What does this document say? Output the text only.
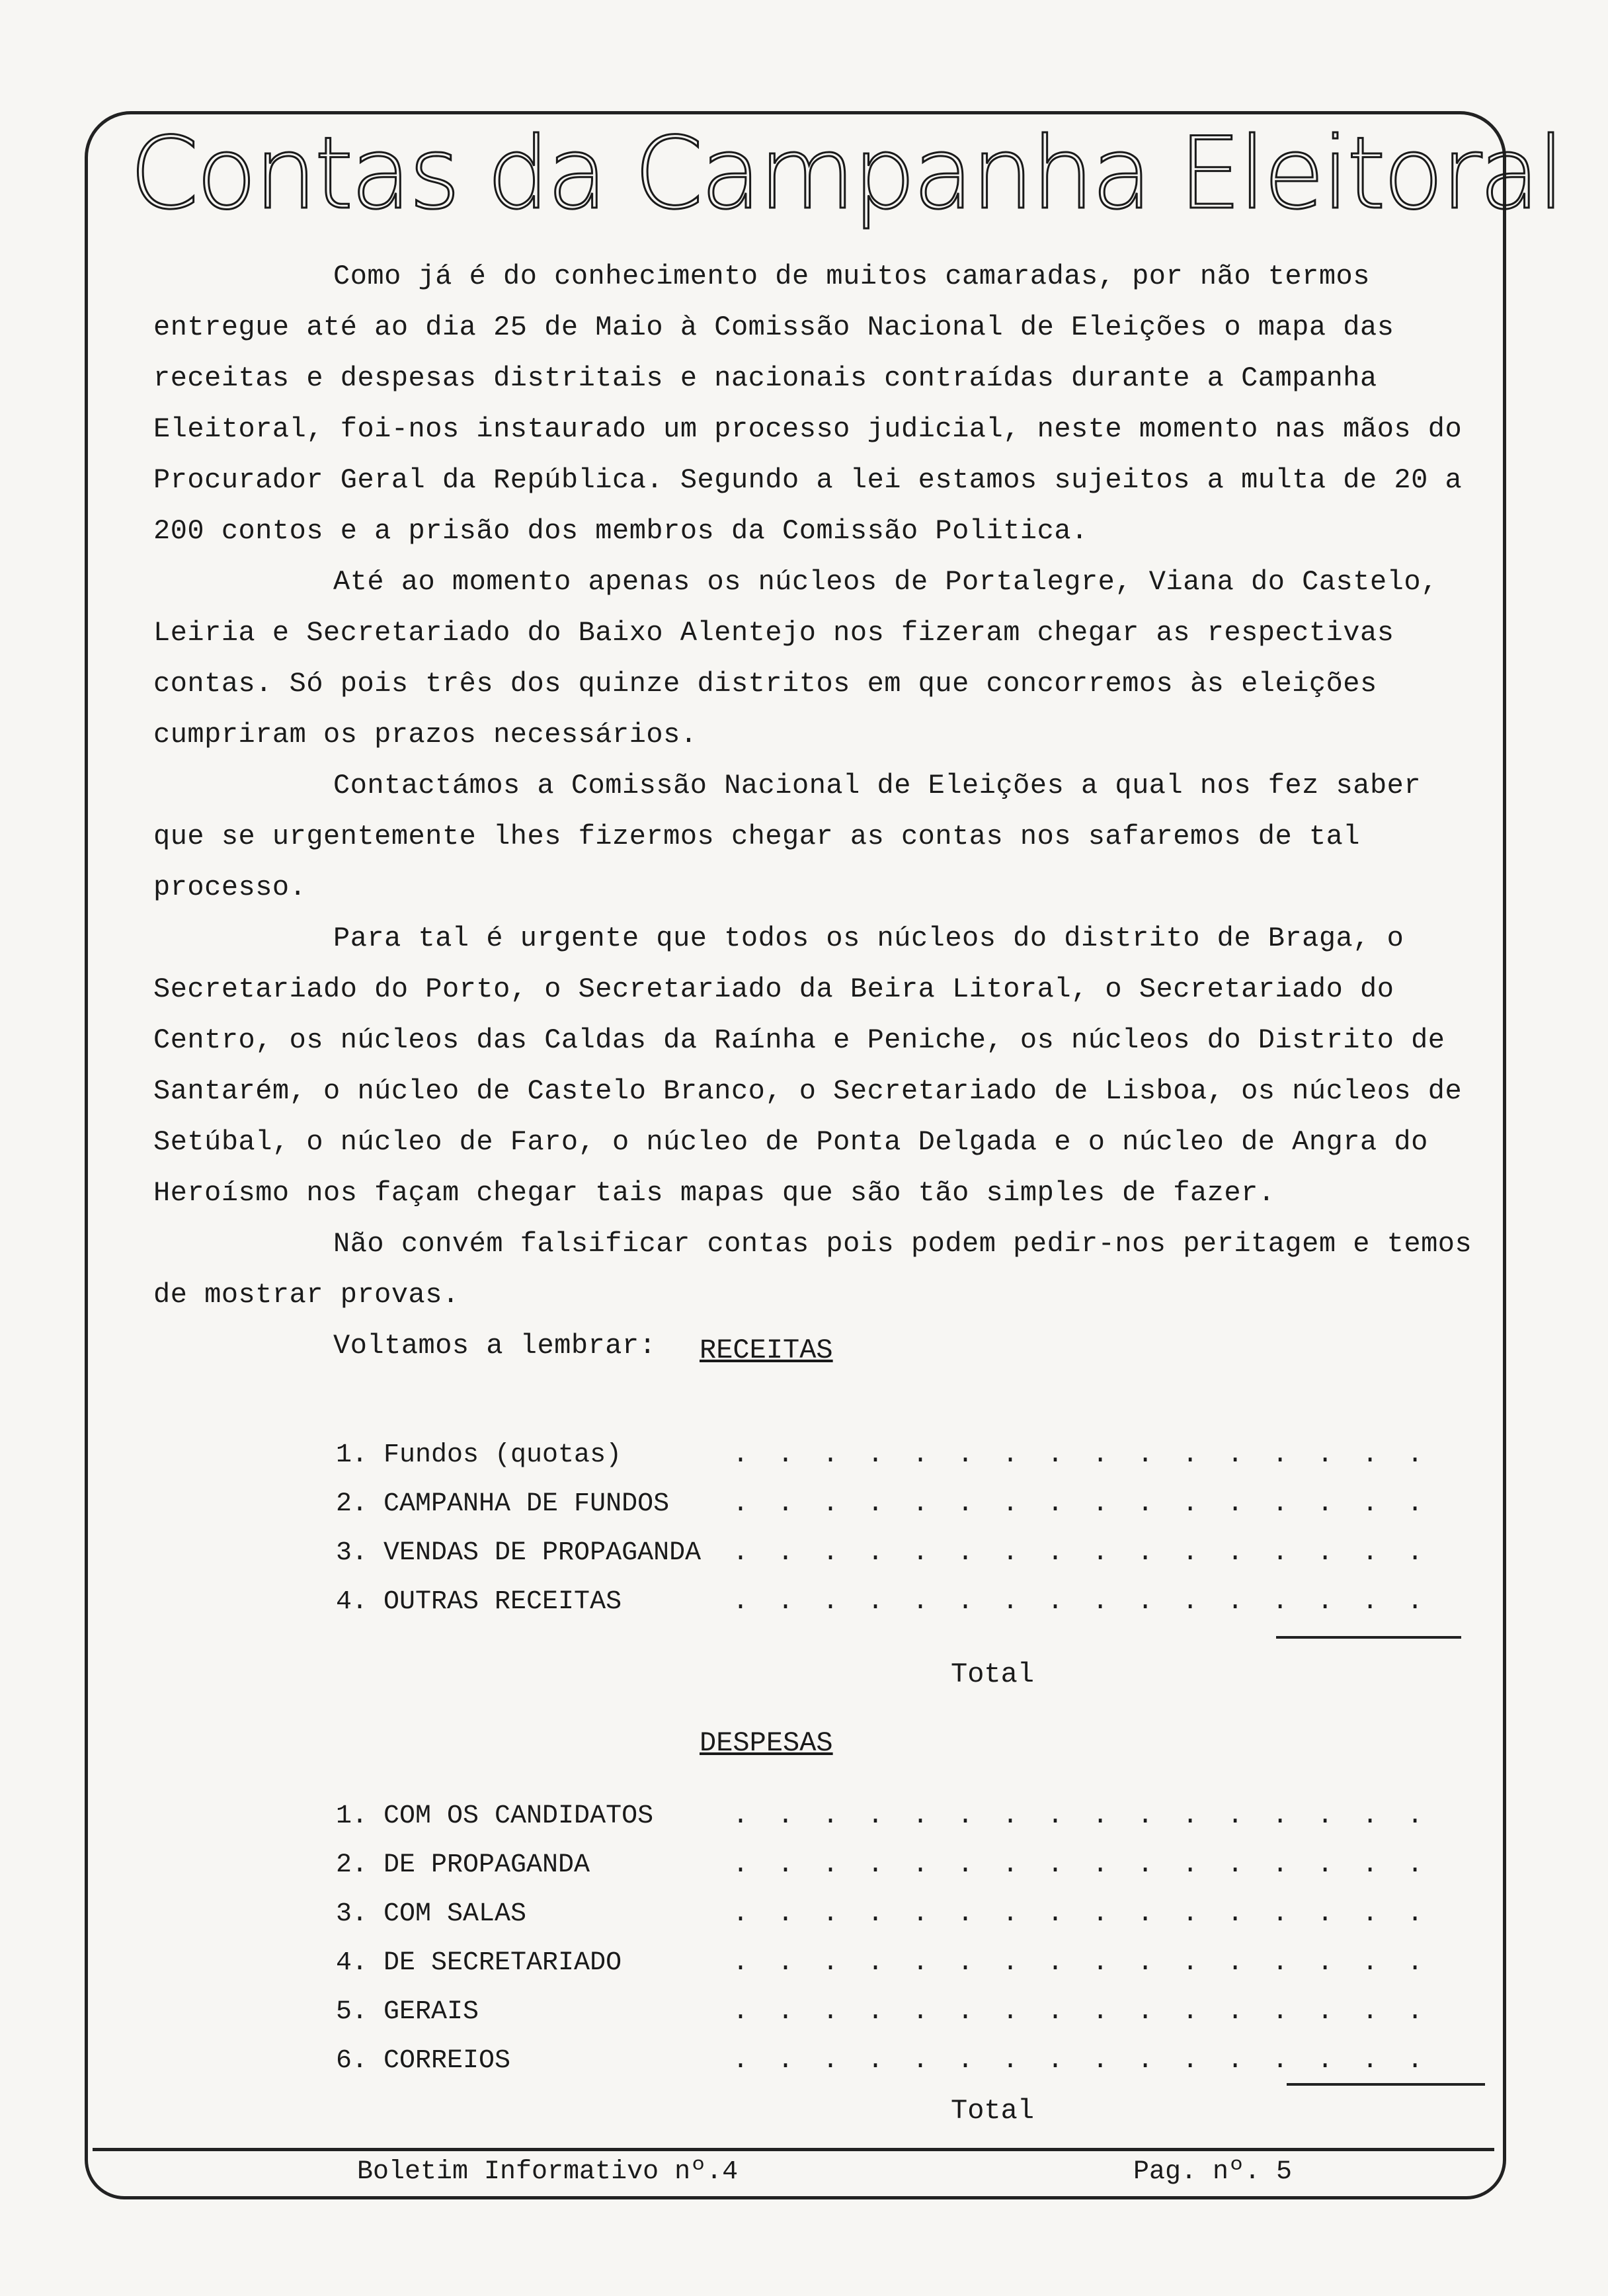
Contas da Campanha Eleitoral

Como já é do conhecimento de muitos camaradas, por não termos entregue até ao dia 25 de Maio à Comissão Nacional de Eleições o mapa das receitas e despesas distritais e nacionais contraídas durante a Campanha Eleitoral, foi-nos instaurado um processo judicial, neste momento nas mãos do Procurador Geral da República. Segundo a lei estamos sujeitos a multa de 20 a 200 contos e a prisão dos membros da Comissão Politica.

Até ao momento apenas os núcleos de Portalegre, Viana do Castelo, Leiria e Secretariado do Baixo Alentejo nos fizeram chegar as respectivas contas. Só pois três dos quinze distritos em que concorremos às eleições cumpriram os prazos necessários.

Contactámos a Comissão Nacional de Eleições a qual nos fez saber que se urgentemente lhes fizermos chegar as contas nos safaremos de tal processo.

Para tal é urgente que todos os núcleos do distrito de Braga, o Secretariado do Porto, o Secretariado da Beira Litoral, o Secretariado do Centro, os núcleos das Caldas da Raínha e Peniche, os núcleos do Distrito de Santarém, o núcleo de Castelo Branco, o Secretariado de Lisboa, os núcleos de Setúbal, o núcleo de Faro, o núcleo de Ponta Delgada e o núcleo de Angra do Heroísmo nos façam chegar tais mapas que são tão simples de fazer.

Não convém falsificar contas pois podem pedir-nos peritagem e temos de mostrar provas.

Voltamos a lembrar:	RECEITAS
1. Fundos (quotas)	. . . . . . . . . . . . . . . .
2. CAMPANHA DE FUNDOS . . . . . . . . . . . . . . . .
3. VENDAS DE PROPAGANDA . . . . . . . . . . . . . . . .
4. OUTRAS RECEITAS	. . . . . . . . . . . . . . . .
Total
DESPESAS
1. COM OS CANDIDATOS	. . . . . . . . . . . . . . . .
2. DE PROPAGANDA	. . . . . . . . . . . . . . . .
3. COM SALAS	. . . . . . . . . . . . . . . .
4. DE SECRETARIADO	. . . . . . . . . . . . . . . .
5. GERAIS	. . . . . . . . . . . . . . . .
6. CORREIOS	. . . . . . . . . . . . . . . .
Total
Boletim Informativo nº.4	Pag. nº. 5
